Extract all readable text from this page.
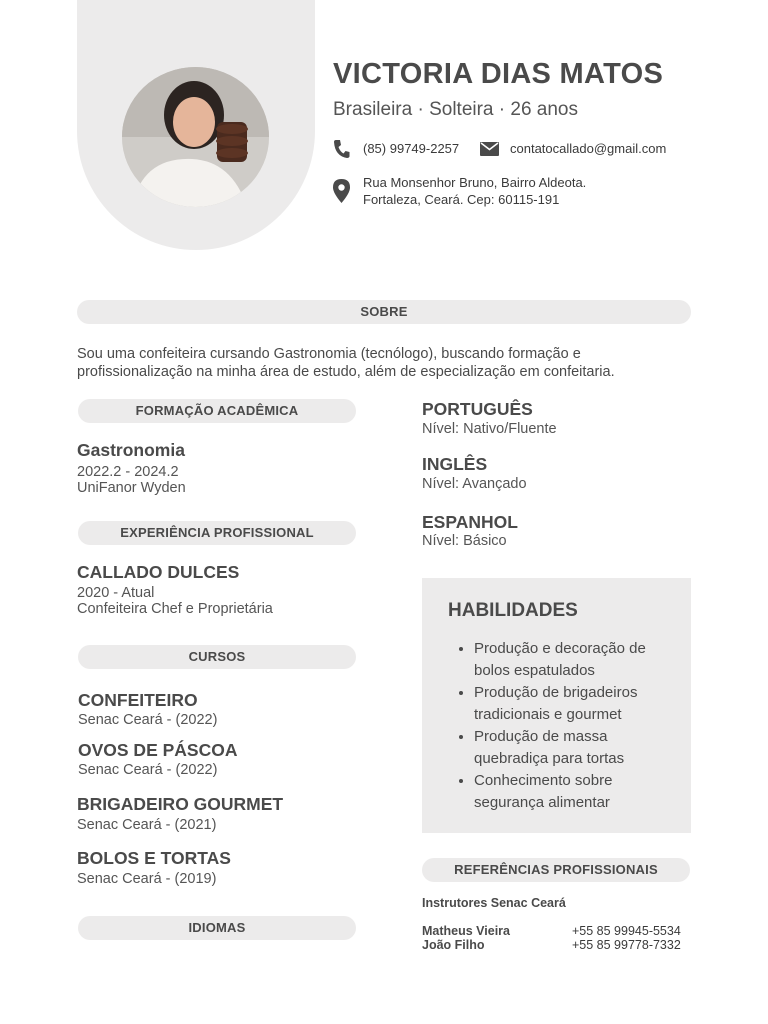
VICTORIA DIAS MATOS
Brasileira · Solteira · 26 anos
(85) 99749-2257	contatocallado@gmail.com
Rua Monsenhor Bruno, Bairro Aldeota.
Fortaleza, Ceará. Cep: 60115-191
SOBRE
Sou uma confeiteira cursando Gastronomia (tecnólogo), buscando formação e profissionalização na minha área de estudo, além de especialização em confeitaria.
FORMAÇÃO ACADÊMICA
Gastronomia
2022.2 - 2024.2
UniFanor Wyden
EXPERIÊNCIA PROFISSIONAL
CALLADO DULCES
2020 - Atual
Confeiteira Chef e Proprietária
CURSOS
CONFEITEIRO
Senac Ceará - (2022)
OVOS DE PÁSCOA
Senac Ceará - (2022)
BRIGADEIRO GOURMET
Senac Ceará - (2021)
BOLOS E TORTAS
Senac Ceará - (2019)
IDIOMAS
PORTUGUÊS
Nível: Nativo/Fluente
INGLÊS
Nível: Avançado
ESPANHOL
Nível: Básico
HABILIDADES
• Produção e decoração de bolos espatulados
• Produção de brigadeiros tradicionais e gourmet
• Produção de massa quebradiça para tortas
• Conhecimento sobre segurança alimentar
REFERÊNCIAS PROFISSIONAIS
Instrutores Senac Ceará
Matheus Vieira	+55 85 99945-5534
João Filho	+55 85 99778-7332
